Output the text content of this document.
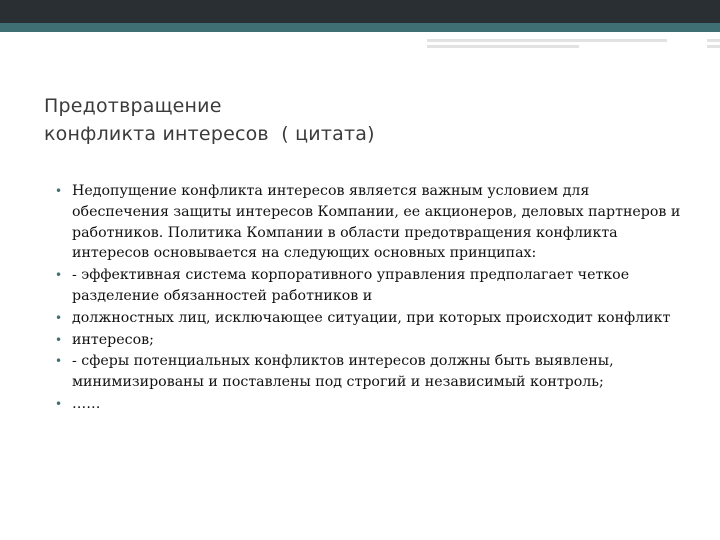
Предотвращение
конфликта интересов  ( цитата)
• Недопущение конфликта интересов является важным условием для обеспечения защиты интересов Компании, ее акционеров, деловых партнеров и работников. Политика Компании в области предотвращения конфликта интересов основывается на следующих основных принципах:
• - эффективная система корпоративного управления предполагает четкое разделение обязанностей работников и
• должностных лиц, исключающее ситуации, при которых происходит конфликт
• интересов;
• - сферы потенциальных конфликтов интересов должны быть выявлены, минимизированы и поставлены под строгий и независимый контроль;
• ……
